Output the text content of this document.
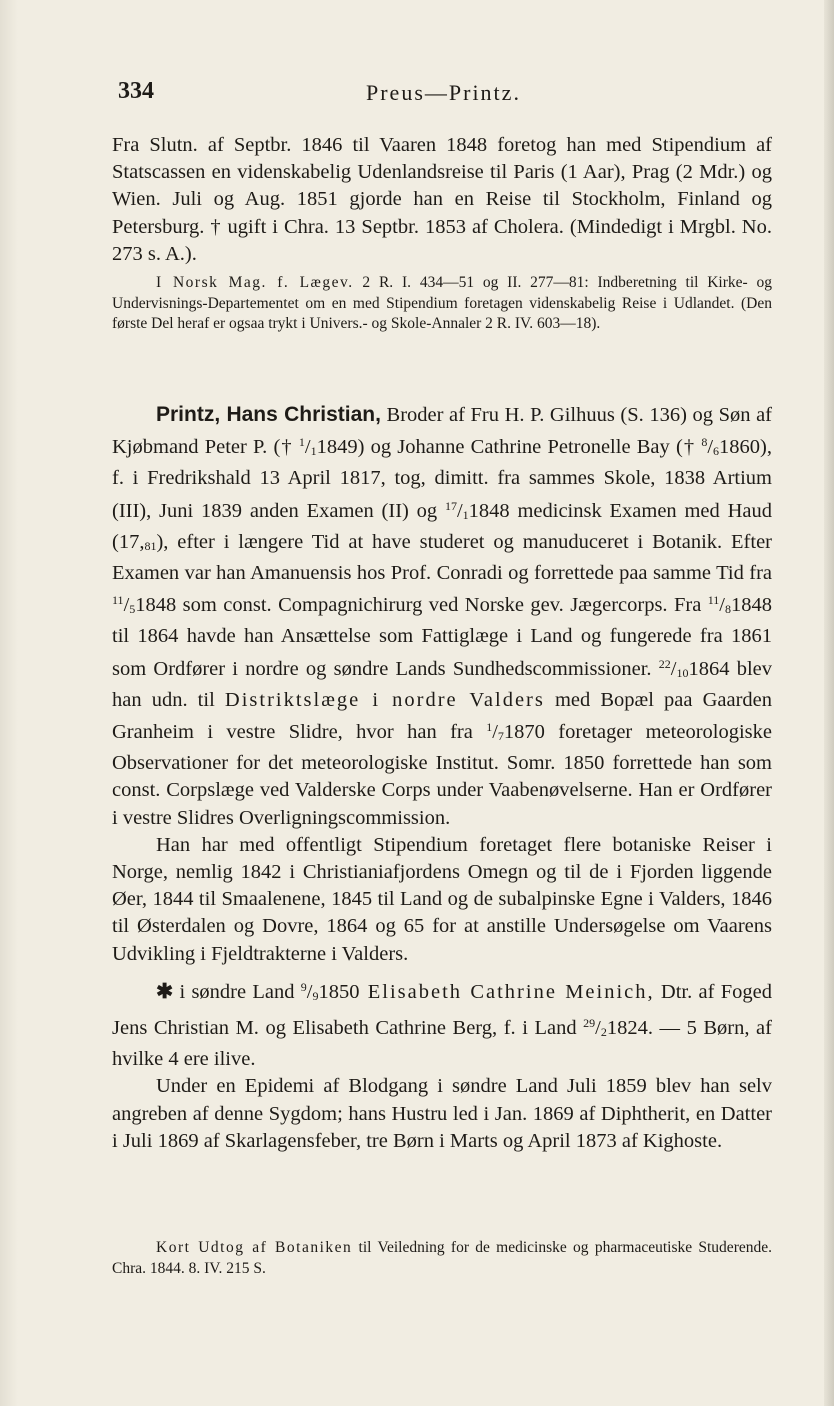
334	Preus—Printz.

Fra Slutn. af Septbr. 1846 til Vaaren 1848 foretog han med Stipendium af Statscassen en videnskabelig Udenlandsreise til Paris (1 Aar), Prag (2 Mdr.) og Wien. Juli og Aug. 1851 gjorde han en Reise til Stockholm, Finland og Petersburg. † ugift i Chra. 13 Septbr. 1853 af Cholera. (Mindedigt i Mrgbl. No. 273 s. A.).

I Norsk Mag. f. Lægev. 2 R. I. 434—51 og II. 277—81: Indberetning til Kirke- og Undervisnings-Departementet om en med Stipendium foretagen videnskabelig Reise i Udlandet. (Den første Del heraf er ogsaa trykt i Univers.- og Skole-Annaler 2 R. IV. 603—18).

Printz, Hans Christian, Broder af Fru H. P. Gilhuus (S. 136) og Søn af Kjøbmand Peter P. († $^1/_11849$) og Johanne Cathrine Petronelle Bay († $^8/_61860$), f. i Fredrikshald 13 April 1817, tog, dimitt. fra sammes Skole, 1838 Artium (III), Juni 1839 anden Examen (II) og $^{17}/_11848$ medicinsk Examen med Haud $(17,_{81})$, efter i længere Tid at have studeret og manuduceret i Botanik. Efter Examen var han Amanuensis hos Prof. Conradi og forrettede paa samme Tid fra $^{11}/_51848$ som const. Compagnichirurg ved Norske gev. Jægercorps. Fra $^{11}/_81848$ til 1864 havde han Ansættelse som Fattiglæge i Land og fungerede fra 1861 som Ordfører i nordre og søndre Lands Sundhedscommissioner. $^{22}/_{10}1864$ blev han udn. til Distriktslæge i nordre Valders med Bopæl paa Gaarden Granheim i vestre Slidre, hvor han fra $^1/_71870$ foretager meteorologiske Observationer for det meteorologiske Institut. Somr. 1850 forrettede han som const. Corpslæge ved Valderske Corps under Vaabenøvelserne. Han er Ordfører i vestre Slidres Overligningscommission.

Han har med offentligt Stipendium foretaget flere botaniske Reiser i Norge, nemlig 1842 i Christianiafjordens Omegn og til de i Fjorden liggende Øer, 1844 til Smaalenene, 1845 til Land og de subalpinske Egne i Valders, 1846 til Østerdalen og Dovre, 1864 og 65 for at anstille Undersøgelse om Vaarens Udvikling i Fjeldtrakterne i Valders.

✱ i søndre Land $^9/_91850$ Elisabeth Cathrine Meinich, Dtr. af Foged Jens Christian M. og Elisabeth Cathrine Berg, f. i Land $^{29}/_21824$. — 5 Børn, af hvilke 4 ere ilive.

Under en Epidemi af Blodgang i søndre Land Juli 1859 blev han selv angreben af denne Sygdom; hans Hustru led i Jan. 1869 af Diphtherit, en Datter i Juli 1869 af Skarlagensfeber, tre Børn i Marts og April 1873 af Kighoste.

Kort Udtog af Botaniken til Veiledning for de medicinske og pharmaceutiske Studerende. Chra. 1844. 8. IV. 215 S.
